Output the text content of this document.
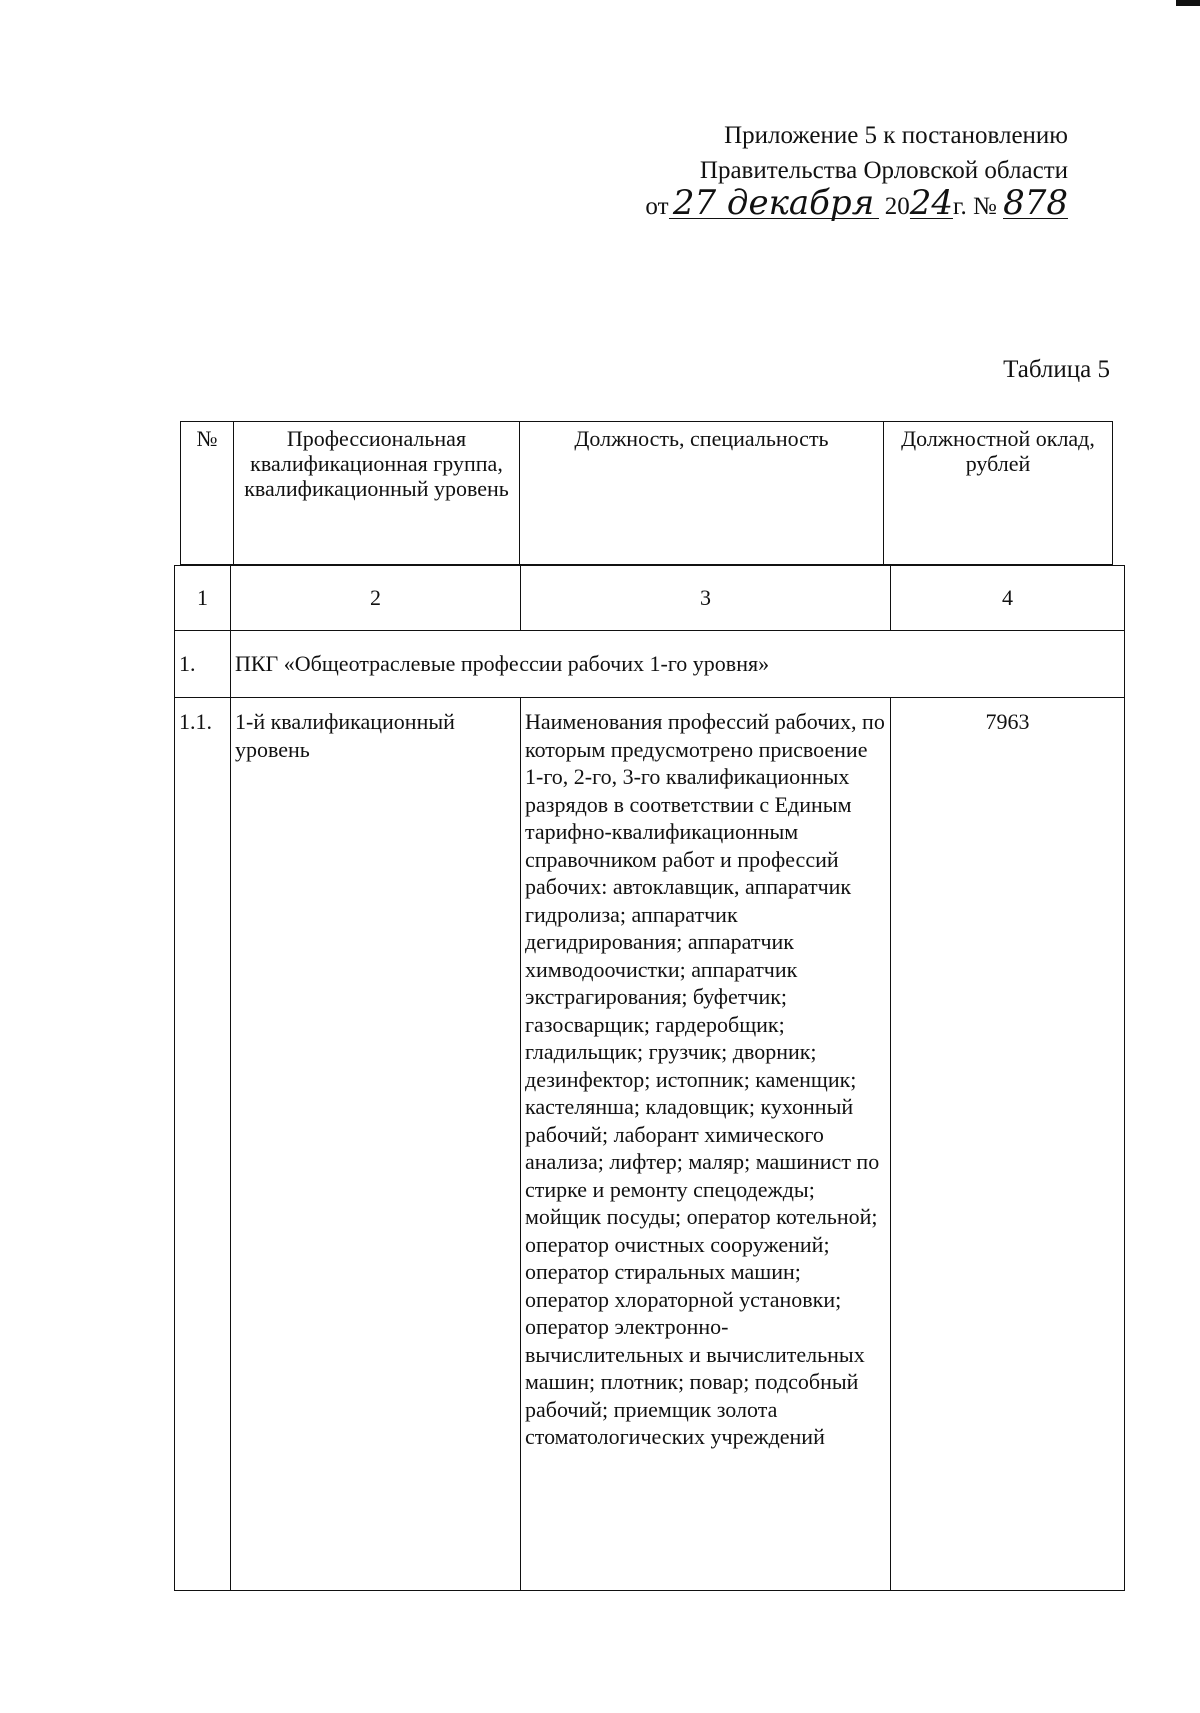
Приложение 5 к постановлению
Правительства Орловской области
от 27 декабря 2024г. № 878
Таблица 5
№	Профессиональная квалификационная группа, квалификационный уровень	Должность, специальность	Должностной оклад, рублей
1	2	3	4
1.	ПКГ «Общеотраслевые профессии рабочих 1-го уровня»		
1.1.	1-й квалификационный уровень	Наименования профессий рабочих, по которым предусмотрено присвоение 1-го, 2-го, 3-го квалификационных разрядов в соответствии с Единым тарифно-квалификационным справочником работ и профессий рабочих: автоклавщик, аппаратчик гидролиза; аппаратчик дегидрирования; аппаратчик химводоочистки; аппаратчик экстрагирования; буфетчик; газосварщик; гардеробщик; гладильщик; грузчик; дворник; дезинфектор; истопник; каменщик; кастелянша; кладовщик; кухонный рабочий; лаборант химического анализа; лифтер; маляр; машинист по стирке и ремонту спецодежды; мойщик посуды; оператор котельной; оператор очистных сооружений; оператор стиральных машин; оператор хлораторной установки; оператор электронно-вычислительных и вычислительных машин; плотник; повар; подсобный рабочий; приемщик золота стоматологических учреждений	7963
